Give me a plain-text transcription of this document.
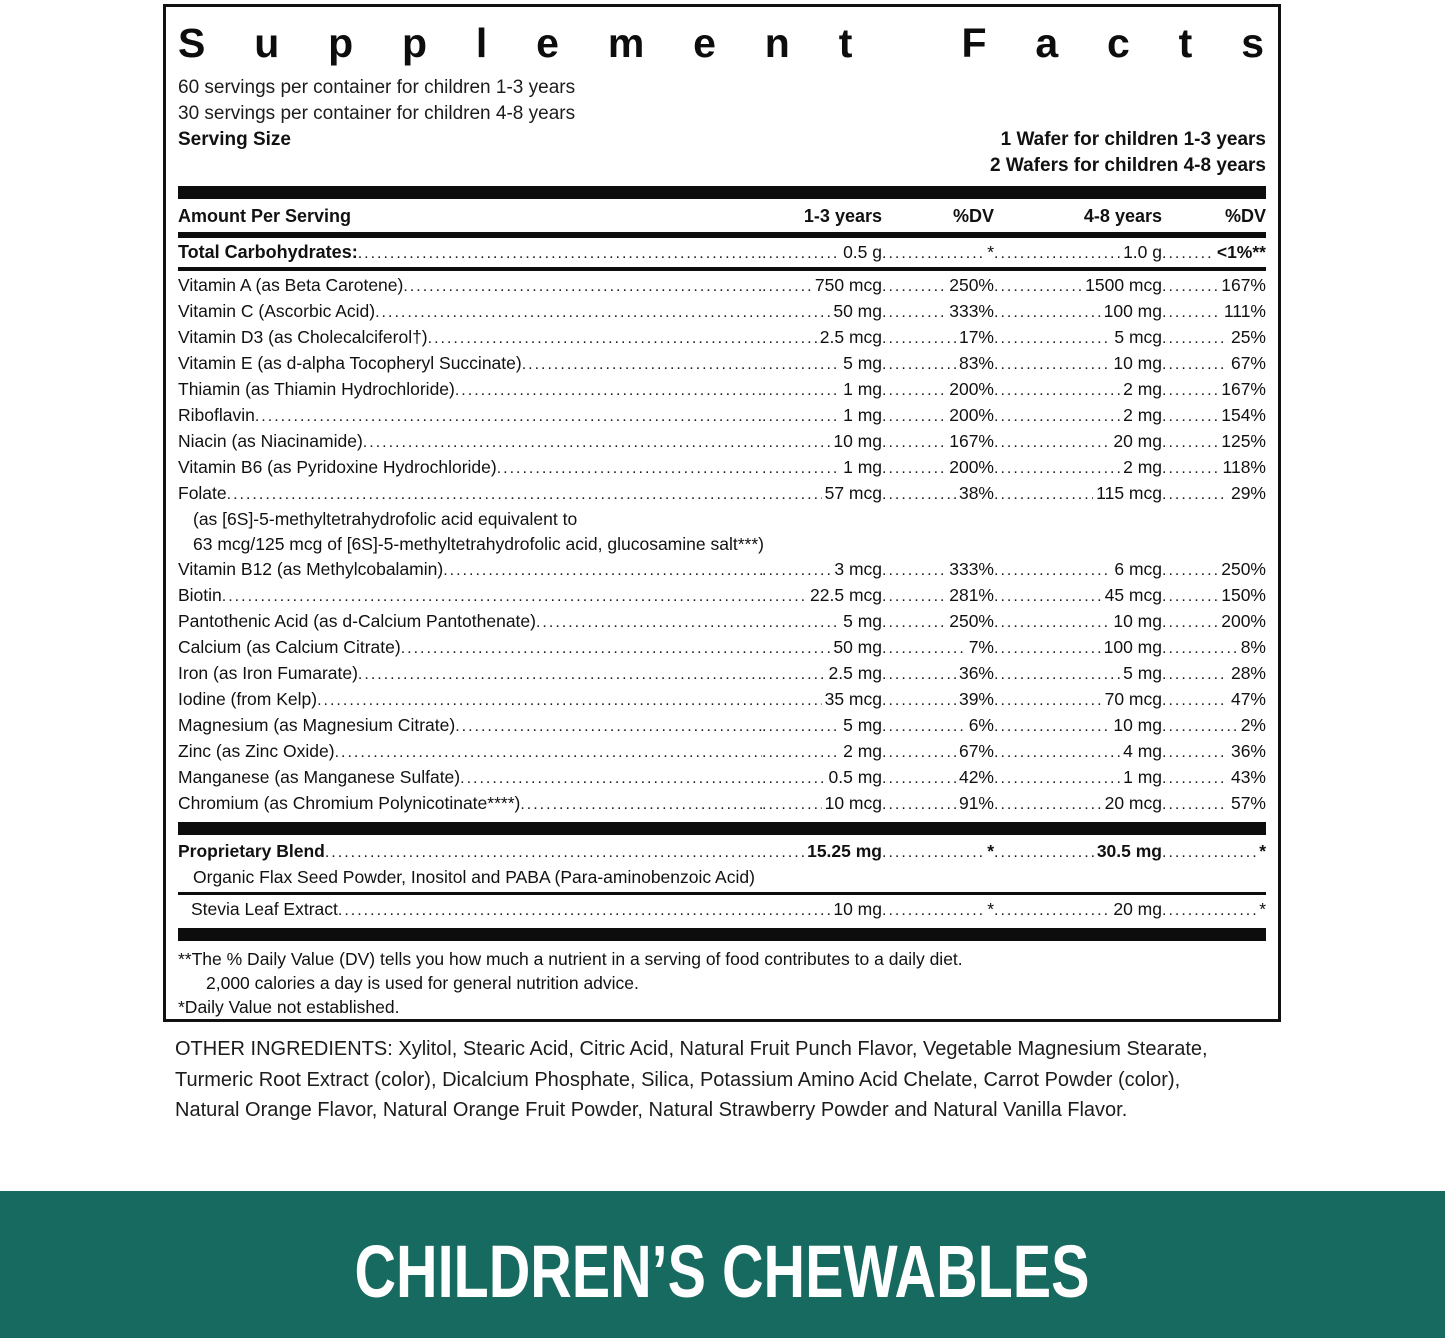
Supplement Facts
60 servings per container for children 1-3 years
30 servings per container for children 4-8 years
Serving Size	1 Wafer for children 1-3 years
2 Wafers for children 4-8 years
Amount Per Serving	1-3 years	%DV	4-8 years	%DV
Total Carbohydrates: ..... .....	0.5 g .....	* .....	1.0 g .....	<1%**
Vitamin A (as Beta Carotene) ..... .....	750 mcg .....	250% .....	1500 mcg .....	167%
Vitamin C (Ascorbic Acid) ..... .....	50 mg .....	333% .....	100 mg .....	111%
Vitamin D3 (as Cholecalciferol†) ..... .....	2.5 mcg .....	17% .....	5 mcg .....	25%
Vitamin E (as d-alpha Tocopheryl Succinate) ..... .....	5 mg .....	83% .....	10 mg .....	67%
Thiamin (as Thiamin Hydrochloride) ..... .....	1 mg .....	200% .....	2 mg .....	167%
Riboflavin ..... .....	1 mg .....	200% .....	2 mg .....	154%
Niacin (as Niacinamide) ..... .....	10 mg .....	167% .....	20 mg .....	125%
Vitamin B6 (as Pyridoxine Hydrochloride) ..... .....	1 mg .....	200% .....	2 mg .....	118%
Folate ..... .....	57 mcg .....	38% .....	115 mcg .....	29%
(as [6S]-5-methyltetrahydrofolic acid equivalent to
63 mcg/125 mcg of [6S]-5-methyltetrahydrofolic acid, glucosamine salt***)
Vitamin B12 (as Methylcobalamin) ..... .....	3 mcg .....	333% .....	6 mcg .....	250%
Biotin ..... .....	22.5 mcg .....	281% .....	45 mcg .....	150%
Pantothenic Acid (as d-Calcium Pantothenate) ..... .....	5 mg .....	250% .....	10 mg .....	200%
Calcium (as Calcium Citrate) ..... .....	50 mg .....	7% .....	100 mg .....	8%
Iron (as Iron Fumarate) ..... .....	2.5 mg .....	36% .....	5 mg .....	28%
Iodine (from Kelp) ..... .....	35 mcg .....	39% .....	70 mcg .....	47%
Magnesium (as Magnesium Citrate) ..... .....	5 mg .....	6% .....	10 mg .....	2%
Zinc (as Zinc Oxide) ..... .....	2 mg .....	67% .....	4 mg .....	36%
Manganese (as Manganese Sulfate) ..... .....	0.5 mg .....	42% .....	1 mg .....	43%
Chromium (as Chromium Polynicotinate****) ..... .....	10 mcg .....	91% .....	20 mcg .....	57%
Proprietary Blend ..... .....	15.25 mg .....	* .....	30.5 mg .....	*
Organic Flax Seed Powder, Inositol and PABA (Para-aminobenzoic Acid)
Stevia Leaf Extract ..... .....	10 mg .....	* .....	20 mg .....	*
**The % Daily Value (DV) tells you how much a nutrient in a serving of food contributes to a daily diet.
2,000 calories a day is used for general nutrition advice.
*Daily Value not established.

OTHER INGREDIENTS: Xylitol, Stearic Acid, Citric Acid, Natural Fruit Punch Flavor, Vegetable Magnesium Stearate, Turmeric Root Extract (color), Dicalcium Phosphate, Silica, Potassium Amino Acid Chelate, Carrot Powder (color), Natural Orange Flavor, Natural Orange Fruit Powder, Natural Strawberry Powder and Natural Vanilla Flavor.

CHILDREN’S CHEWABLES
